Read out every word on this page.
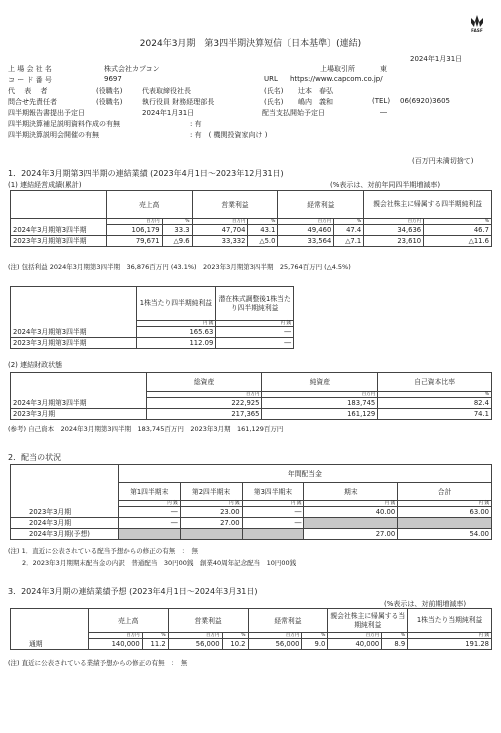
FASF
2024年3月期　第3四半期決算短信〔日本基準〕(連結)
2024年1月31日
上 場 会 社 名	株式会社カプコン	上場取引所	東
コ ー ド 番 号	9697	URL https://www.capcom.co.jp/
代　 表　 者	(役職名)	代表取締役社長	(氏名) 辻本　春弘
問合せ先責任者	(役職名)	執行役員 財務経理部長	(氏名) 嶋内　義和	(TEL) 06(6920)3605
四半期報告書提出予定日	2024年1月31日	配当支払開始予定日	―
四半期決算補足説明資料作成の有無	: 有
四半期決算説明会開催の有無	: 有　( 機関投資家向け )
(百万円未満切捨て)
1．2024年3月期第3四半期の連結業績 (2023年4月1日～2023年12月31日)
(1) 連結経営成績(累計)	(%表示は、対前年同四半期増減率)
	売上高		営業利益		経常利益		親会社株主に帰属する四半期純利益	

	百万円	%	百万円	%	百万円	%	百万円	%

2024年3月期第3四半期	106,179	33.3	47,704	43.1	49,460	47.4	34,636	46.7
2023年3月期第3四半期	79,671	△9.6	33,332	△5.0	33,564	△7.1	23,610	△11.6
(注) 包括利益 2024年3月期第3四半期　36,876百万円 (43.1%)　2023年3月期第3四半期　25,764百万円 (△4.5%)
	1株当たり四半期純利益	潜在株式調整後1株当たり四半期純利益

	円 銭	円 銭

2024年3月期第3四半期	165.63	―
2023年3月期第3四半期	112.09	―
(2) 連結財政状態
	総資産	純資産	自己資本比率

	百万円	百万円	%

2024年3月期第3四半期	222,925	183,745	82.4
2023年3月期	217,365	161,129	74.1
(参考) 自己資本　2024年3月期第3四半期　183,745百万円　2023年3月期　161,129百万円
2．配当の状況
	年間配当金				
	第1四半期末	第2四半期末	第3四半期末	期末	合計

	円 銭	円 銭	円 銭	円 銭	円 銭

2023年3月期	―	23.00	―	40.00	63.00
2024年3月期	―	27.00	―		
2024年3月期(予想)				27.00	54.00
(注) 1．直近に公表されている配当予想からの修正の有無　：　無
2．2023年3月期期末配当金の内訳　普通配当　30円00銭　創業40周年記念配当　10円00銭
3．2024年3月期の連結業績予想 (2023年4月1日～2024年3月31日)
(%表示は、対前期増減率)
	売上高		営業利益		経常利益		親会社株主に帰属する当期純利益		1株当たり当期純利益

	百万円	%	百万円	%	百万円	%	百万円	%	円 銭

通期	140,000	11.2	56,000	10.2	56,000	9.0	40,000	8.9	191.28
(注) 直近に公表されている業績予想からの修正の有無　：　無
